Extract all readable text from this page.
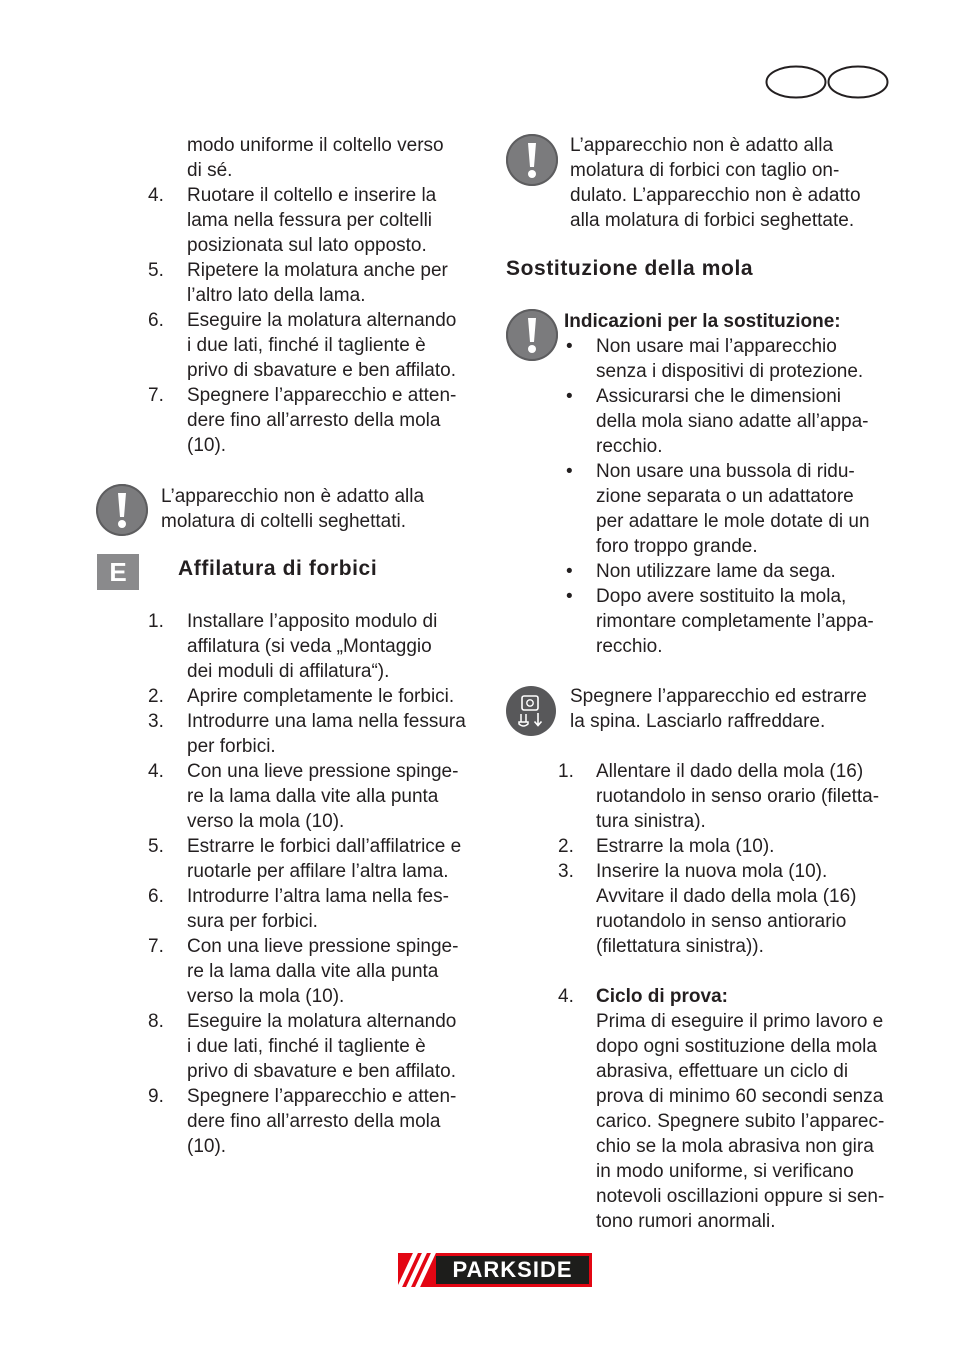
modo uniforme il coltello verso
di sé.
4. Ruotare il coltello e inserire la
lama nella fessura per coltelli
posizionata sul lato opposto.
5. Ripetere la molatura anche per
l’altro lato della lama.
6. Eseguire la molatura alternando
i due lati, finché il tagliente è
privo di sbavature e ben affilato.
7. Spegnere l’apparecchio e atten-
dere fino all’arresto della mola
(10).
L’apparecchio non è adatto alla
molatura di coltelli seghettati.
E	Affilatura di forbici
1. Installare l’apposito modulo di
affilatura (si veda „Montaggio
dei moduli di affilatura“).
2. Aprire completamente le forbici.
3. Introdurre una lama nella fessura
per forbici.
4. Con una lieve pressione spinge-
re la lama dalla vite alla punta
verso la mola (10).
5. Estrarre le forbici dall’affilatrice e
ruotarle per affilare l’altra lama.
6. Introdurre l’altra lama nella fes-
sura per forbici.
7. Con una lieve pressione spinge-
re la lama dalla vite alla punta
verso la mola (10).
8. Eseguire la molatura alternando
i due lati, finché il tagliente è
privo di sbavature e ben affilato.
9. Spegnere l’apparecchio e atten-
dere fino all’arresto della mola
(10).
L’apparecchio non è adatto alla
molatura di forbici con taglio on-
dulato. L’apparecchio non è adatto
alla molatura di forbici seghettate.
Sostituzione della mola
Indicazioni per la sostituzione:
• Non usare mai l’apparecchio
senza i dispositivi di protezione.
• Assicurarsi che le dimensioni
della mola siano adatte all’appa-
recchio.
• Non usare una bussola di ridu-
zione separata o un adattatore
per adattare le mole dotate di un
foro troppo grande.
• Non utilizzare lame da sega.
• Dopo avere sostituito la mola,
rimontare completamente l’appa-
recchio.
Spegnere l’apparecchio ed estrarre
la spina. Lasciarlo raffreddare.
1. Allentare il dado della mola (16)
ruotandolo in senso orario (filetta-
tura sinistra).
2. Estrarre la mola (10).
3. Inserire la nuova mola (10).
Avvitare il dado della mola (16)
ruotandolo in senso antiorario
(filettatura sinistra)).
4. Ciclo di prova:
Prima di eseguire il primo lavoro e
dopo ogni sostituzione della mola
abrasiva, effettuare un ciclo di
prova di minimo 60 secondi senza
carico. Spegnere subito l’apparec-
chio se la mola abrasiva non gira
in modo uniforme, si verificano
notevoli oscillazioni oppure si sen-
tono rumori anormali.
PARKSIDE
